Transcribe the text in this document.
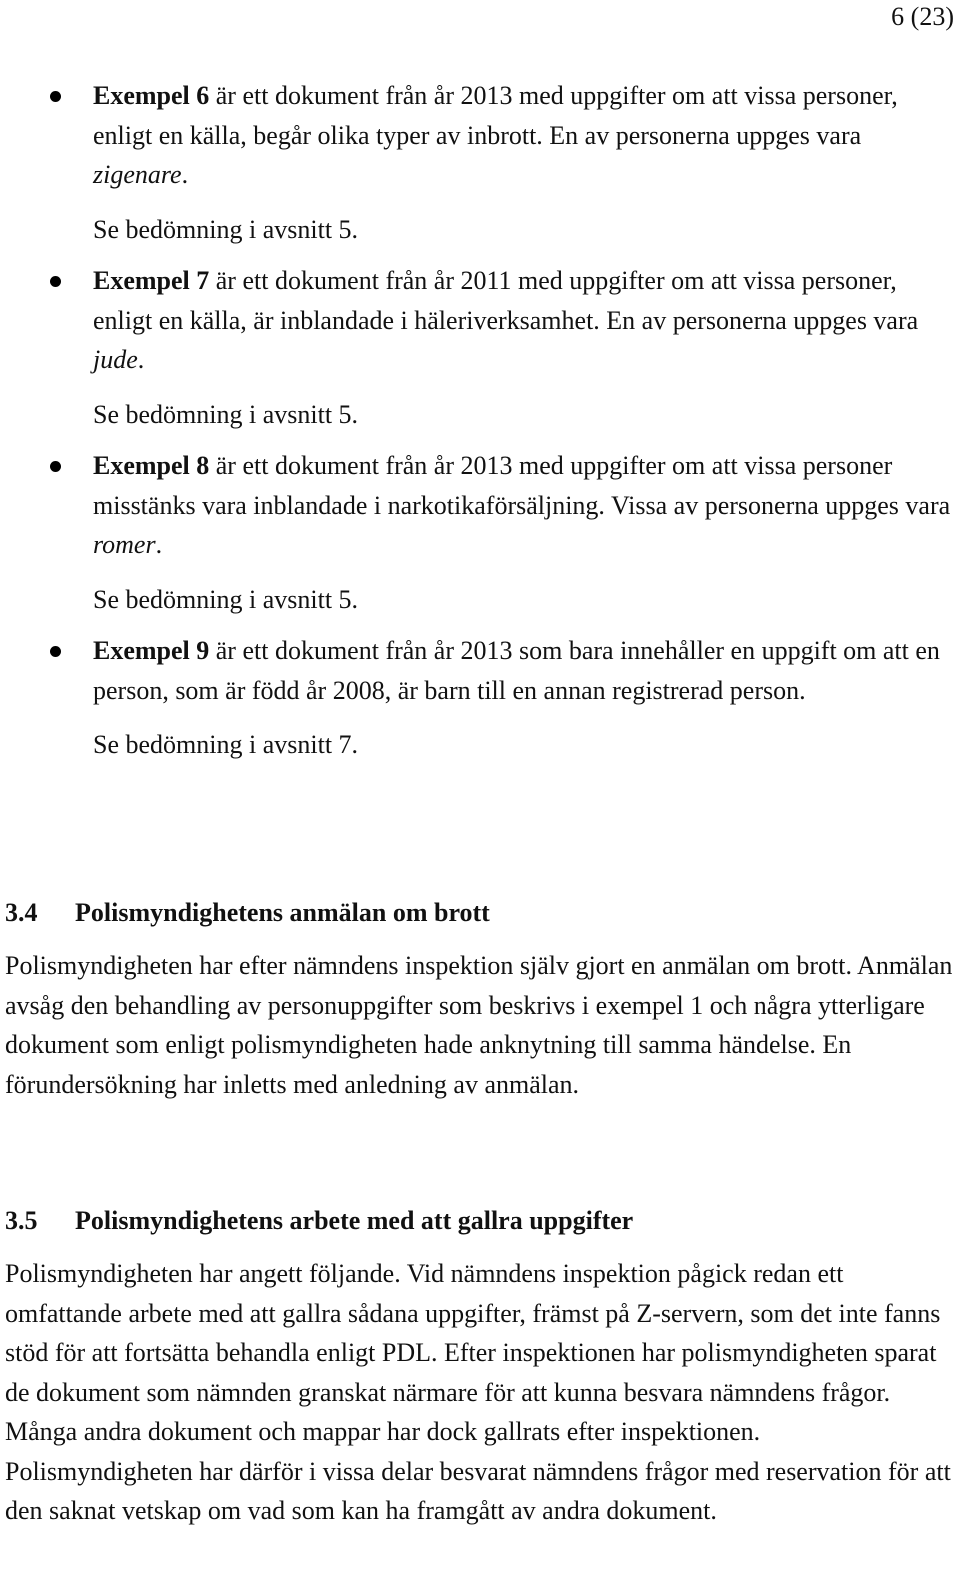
6 (23)

Exempel 6 är ett dokument från år 2013 med uppgifter om att vissa personer, enligt en källa, begår olika typer av inbrott. En av personerna uppges vara zigenare.

Se bedömning i avsnitt 5.

Exempel 7 är ett dokument från år 2011 med uppgifter om att vissa personer, enligt en källa, är inblandade i häleriverksamhet. En av personerna uppges vara jude.

Se bedömning i avsnitt 5.

Exempel 8 är ett dokument från år 2013 med uppgifter om att vissa personer misstänks vara inblandade i narkotikaförsäljning. Vissa av personerna uppges vara romer.

Se bedömning i avsnitt 5.

Exempel 9 är ett dokument från år 2013 som bara innehåller en uppgift om att en person, som är född år 2008, är barn till en annan registrerad person.

Se bedömning i avsnitt 7.

3.4 Polismyndighetens anmälan om brott

Polismyndigheten har efter nämndens inspektion själv gjort en anmälan om brott. Anmälan avsåg den behandling av personuppgifter som beskrivs i exempel 1 och några ytterligare dokument som enligt polismyndigheten hade anknytning till samma händelse. En förundersökning har inletts med anledning av anmälan.

3.5 Polismyndighetens arbete med att gallra uppgifter

Polismyndigheten har angett följande. Vid nämndens inspektion pågick redan ett omfattande arbete med att gallra sådana uppgifter, främst på Z-servern, som det inte fanns stöd för att fortsätta behandla enligt PDL. Efter inspektionen har polismyndigheten sparat de dokument som nämnden granskat närmare för att kunna besvara nämndens frågor. Många andra dokument och mappar har dock gallrats efter inspektionen. Polismyndigheten har därför i vissa delar besvarat nämndens frågor med reservation för att den saknat vetskap om vad som kan ha framgått av andra dokument.
